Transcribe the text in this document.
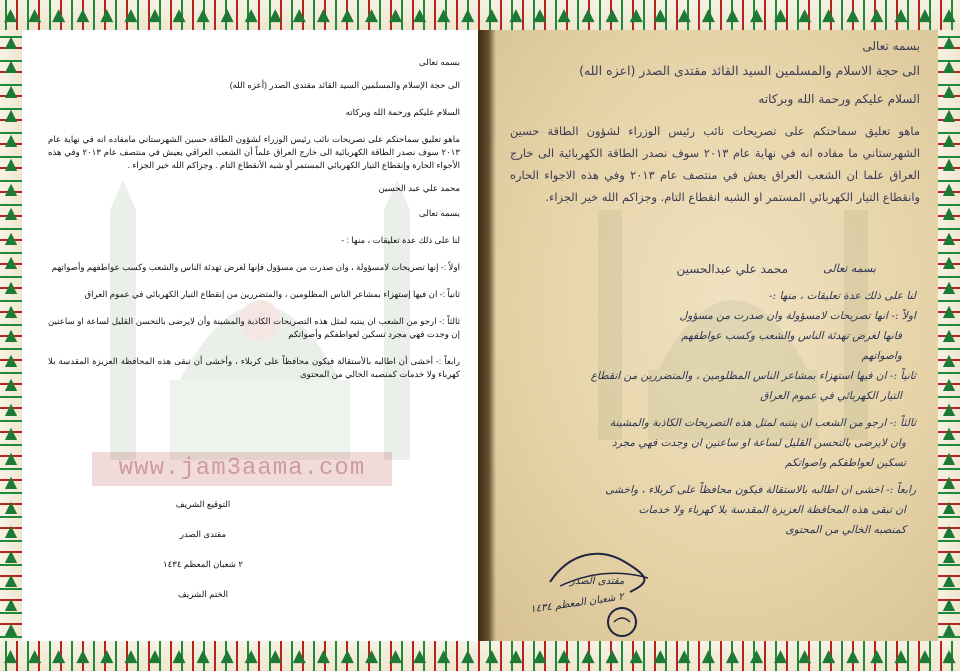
▲ ▲ ▲ ▲ ▲ ▲ ▲ ▲ ▲ ▲ ▲ ▲ ▲ ▲ ▲ ▲ ▲ ▲ ▲ ▲ ▲ ▲ ▲ ▲ ▲ ▲ ▲ ▲ ▲ ▲ ▲ ▲ ▲ ▲ ▲ ▲ ▲ ▲ ▲ ▲
▲ ▲ ▲ ▲ ▲ ▲ ▲ ▲ ▲ ▲ ▲ ▲ ▲ ▲ ▲ ▲ ▲ ▲ ▲ ▲ ▲ ▲ ▲ ▲ ▲ ▲ ▲ ▲ ▲ ▲ ▲ ▲ ▲ ▲ ▲ ▲ ▲ ▲ ▲ ▲
▲
▲
▲
▲
▲
▲
▲
▲
▲
▲
▲
▲
▲
▲
▲
▲
▲
▲
▲
▲
▲
▲
▲
▲
▲
▲
▲
▲
▲
▲
▲
▲
▲
▲
▲
▲
▲
▲
▲
▲
▲
▲
▲
▲
▲
▲
▲
▲
▲
▲
www.jam3aama.com

بسمه تعالى

الى حجة الإسلام والمسلمين السيد القائد مقتدى الصدر (أعزه الله)

السلام عليكم ورحمة الله وبركاته

ماهو تعليق سماحتكم على تصريحات نائب رئيس الوزراء لشؤون الطاقة حسين الشهرستاني مامفاده انه في نهاية عام ٢٠١٣ سوف نصدر الطاقة الكهربائية الى خارج العراق علماً أن الشعب العراقي يعيش في منتصف عام ٢٠١٣ وفي هذه الأجواء الحارة وإنقطاع التيار الكهربائي المستمر أو شبه الأنقطاع التام . وجزاكم الله خير الجزاء .

محمد علي عبد الحسين

بسمه تعالى

لنا على ذلك عدة تعليقات ، منها : -

اولاً :- إنها تصريحات لامسؤولة ، وان صدرت من مسؤول فإنها لغرض تهدئة الناس والشعب وكسب عواطفهم وأصواتهم

ثانياً :- ان فيها إستهزاء بمشاعر الناس المظلومين ، والمتضررين من إنقطاع التيار الكهربائي في عموم العراق

ثالثاً :- ارجو من الشعب ان ينتبه لمثل هذه التصريحات الكاذبة والمشينة وأن لايرضى بالتحسن القليل لساعة او ساعتين إن وجدت فهي مجرد تسكين لعواطفكم وأصواتكم

رابعاً :- أخشى أن اطالبه بالأستقالة فيكون محافظاً على كربلاء ، وأخشى أن تبقى هذه المحافظة العزيزة المقدسة بلا كهرباء ولا خدمات كمنصبه الخالي من المحتوى

التوقيع الشريف

مقتدى الصدر

٢ شعبان المعظم ١٤٣٤

الختم الشريف

بسمه تعالى

الى حجة الاسلام والمسلمين السيد القائد مقتدى الصدر (اعزه الله)

السلام عليكم ورحمة الله وبركاته

ماهو تعليق سماحتكم على تصريحات نائب رئيس الوزراء لشؤون الطاقة حسين الشهرستاني ما مفاده انه في نهاية عام ٢٠١٣ سوف نصدر الطاقة الكهربائية الى خارج العراق علما ان الشعب العراق يعش في منتصف عام ٢٠١٣ وفي هذه الاجواء الحاره وانقطاع التيار الكهربائي المستمر او الشبه انقطاع التام. وجزاكم الله خير الجزاء.

محمد علي عبدالحسين	بسمه تعالى

لنا على ذلك عدة تعليقات ، منها :-

اولاً :- انها تصريحات لامسؤولة وان صدرت من مسؤول

فانها لغرض تهدئة الناس والشعب وكسب عواطفهم

واصواتهم

ثانياً :- ان فيها استهزاء بمشاعر الناس المظلومين ، والمتضررين من انقطاع

التيار الكهربائي في عموم العراق

ثالثاً :- ارجو من الشعب ان ينتبه لمثل هذه التصريحات الكاذبة والمشينة

وان لايرضى بالتحسن القليل لساعة او ساعتين ان وجدت فهي مجرد

تسكين لعواطفكم واصواتكم

رابعاً :- اخشى ان اطالبه بالاستقالة فيكون محافظاً على كربلاء ، واخشى

ان تبقى هذه المحافظة العزيزة المقدسة بلا كهرباء ولا خدمات

كمنصبه الخالي من المحتوى

مقتدى الصدر
٢ شعبان المعظم ١٤٣٤
